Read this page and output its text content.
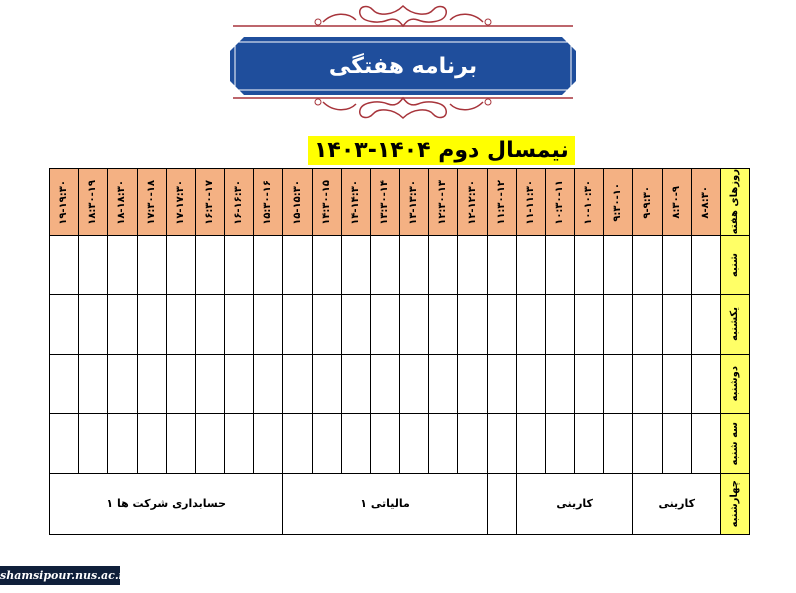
برنامه هفتگی
نیمسال دوم ۱۴۰۴-۱۴۰۳
روزهای هفته	۸-۸:۳۰	۸:۳۰-۹	۹-۹:۳۰	۹:۳۰-۱۰	۱۰-۱۰:۳۰	۱۰:۳۰-۱۱	۱۱-۱۱:۳۰	۱۱:۳۰-۱۲	۱۲-۱۲:۳۰	۱۲:۳۰-۱۳	۱۳-۱۳:۳۰	۱۳:۳۰-۱۴	۱۴-۱۴:۳۰	۱۴:۳۰-۱۵	۱۵-۱۵:۳۰	۱۵:۳۰-۱۶	۱۶-۱۶:۳۰	۱۶:۳۰-۱۷	۱۷-۱۷:۳۰	۱۷:۳۰-۱۸	۱۸-۱۸:۳۰	۱۸:۳۰-۱۹	۱۹-۱۹:۳۰

شنبه																							

یکشنبه																							

دوشنبه																							

سه شنبه																							

چهارشنبه	کارینی			کارینی					مالیاتی ۱							حسابداری شرکت ها ۱							
shamsipour.nus.ac.ir
